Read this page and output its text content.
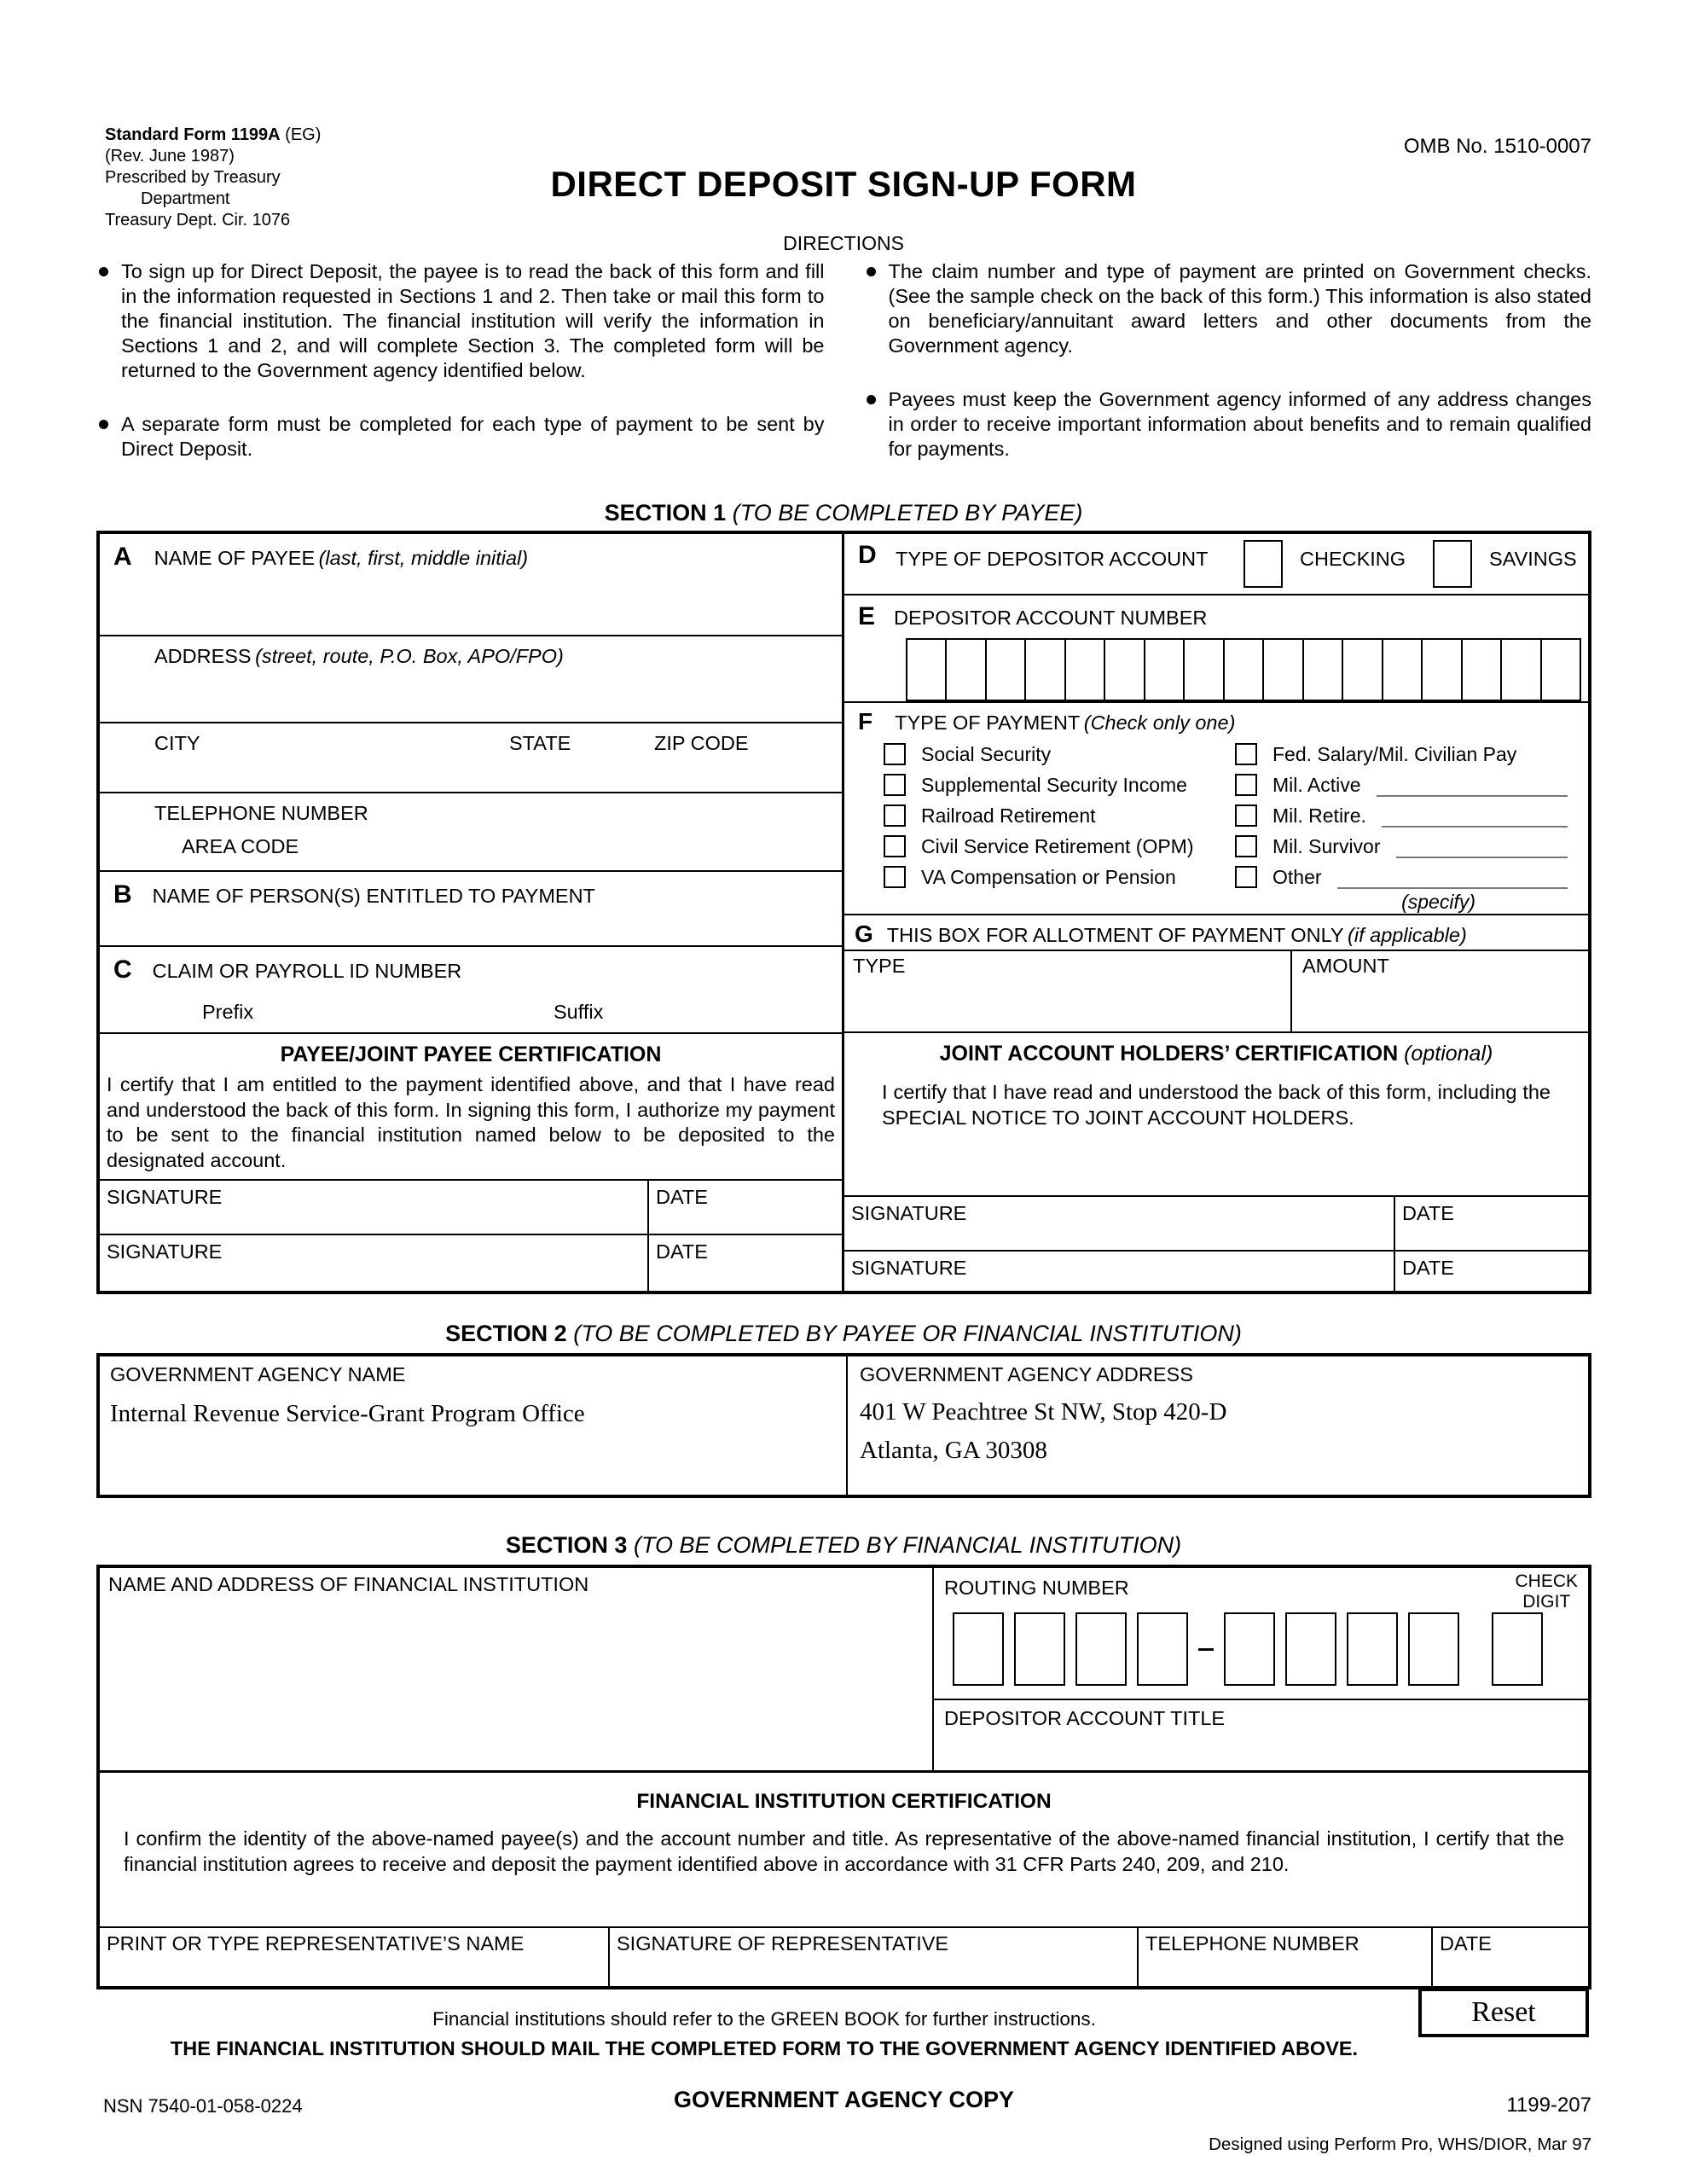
Standard Form 1199A (EG)
(Rev. June 1987)
Prescribed by Treasury
Department
Treasury Dept. Cir. 1076
OMB No. 1510-0007
DIRECT DEPOSIT SIGN-UP FORM
DIRECTIONS

To sign up for Direct Deposit, the payee is to read the back of this form and fill in the information requested in Sections 1 and 2. Then take or mail this form to the financial institution. The financial institution will verify the information in Sections 1 and 2, and will complete Section 3. The completed form will be returned to the Government agency identified below.

A separate form must be completed for each type of payment to be sent by Direct Deposit.

The claim number and type of payment are printed on Government checks. (See the sample check on the back of this form.) This information is also stated on beneficiary/annuitant award letters and other documents from the Government agency.

Payees must keep the Government agency informed of any address changes in order to receive important information about benefits and to remain qualified for payments.

SECTION 1 (TO BE COMPLETED BY PAYEE)
A NAME OF PAYEE (last, first, middle initial)
ADDRESS (street, route, P.O. Box, APO/FPO)
CITY	STATE	ZIP CODE
TELEPHONE NUMBER
AREA CODE
B NAME OF PERSON(S) ENTITLED TO PAYMENT
C CLAIM OR PAYROLL ID NUMBER
Prefix	Suffix
PAYEE/JOINT PAYEE CERTIFICATION

I certify that I am entitled to the payment identified above, and that I have read and understood the back of this form. In signing this form, I authorize my payment to be sent to the financial institution named below to be deposited to the designated account.

SIGNATURE	DATE
SIGNATURE	DATE
D TYPE OF DEPOSITOR ACCOUNT	CHECKING	SAVINGS
E DEPOSITOR ACCOUNT NUMBER
F TYPE OF PAYMENT (Check only one)
Social Security
Supplemental Security Income
Railroad Retirement
Civil Service Retirement (OPM)
VA Compensation or Pension
Fed. Salary/Mil. Civilian Pay
Mil. Active
Mil. Retire.
Mil. Survivor
Other
(specify)
G THIS BOX FOR ALLOTMENT OF PAYMENT ONLY (if applicable)
TYPE	AMOUNT
JOINT ACCOUNT HOLDERS’ CERTIFICATION (optional)

I certify that I have read and understood the back of this form, including the SPECIAL NOTICE TO JOINT ACCOUNT HOLDERS.

SIGNATURE	DATE
SIGNATURE	DATE
SECTION 2 (TO BE COMPLETED BY PAYEE OR FINANCIAL INSTITUTION)
GOVERNMENT AGENCY NAME
Internal Revenue Service-Grant Program Office
GOVERNMENT AGENCY ADDRESS
401 W Peachtree St NW, Stop 420-D
Atlanta, GA 30308
SECTION 3 (TO BE COMPLETED BY FINANCIAL INSTITUTION)
NAME AND ADDRESS OF FINANCIAL INSTITUTION	ROUTING NUMBER	CHECK
DIGIT
DEPOSITOR ACCOUNT TITLE
FINANCIAL INSTITUTION CERTIFICATION

I confirm the identity of the above-named payee(s) and the account number and title. As representative of the above-named financial institution, I certify that the financial institution agrees to receive and deposit the payment identified above in accordance with 31 CFR Parts 240, 209, and 210.

PRINT OR TYPE REPRESENTATIVE’S NAME	SIGNATURE OF REPRESENTATIVE	TELEPHONE NUMBER	DATE
Financial institutions should refer to the GREEN BOOK for further instructions.
THE FINANCIAL INSTITUTION SHOULD MAIL THE COMPLETED FORM TO THE GOVERNMENT AGENCY IDENTIFIED ABOVE.
Reset
NSN 7540-01-058-0224	GOVERNMENT AGENCY COPY	1199-207
Designed using Perform Pro, WHS/DIOR, Mar 97
